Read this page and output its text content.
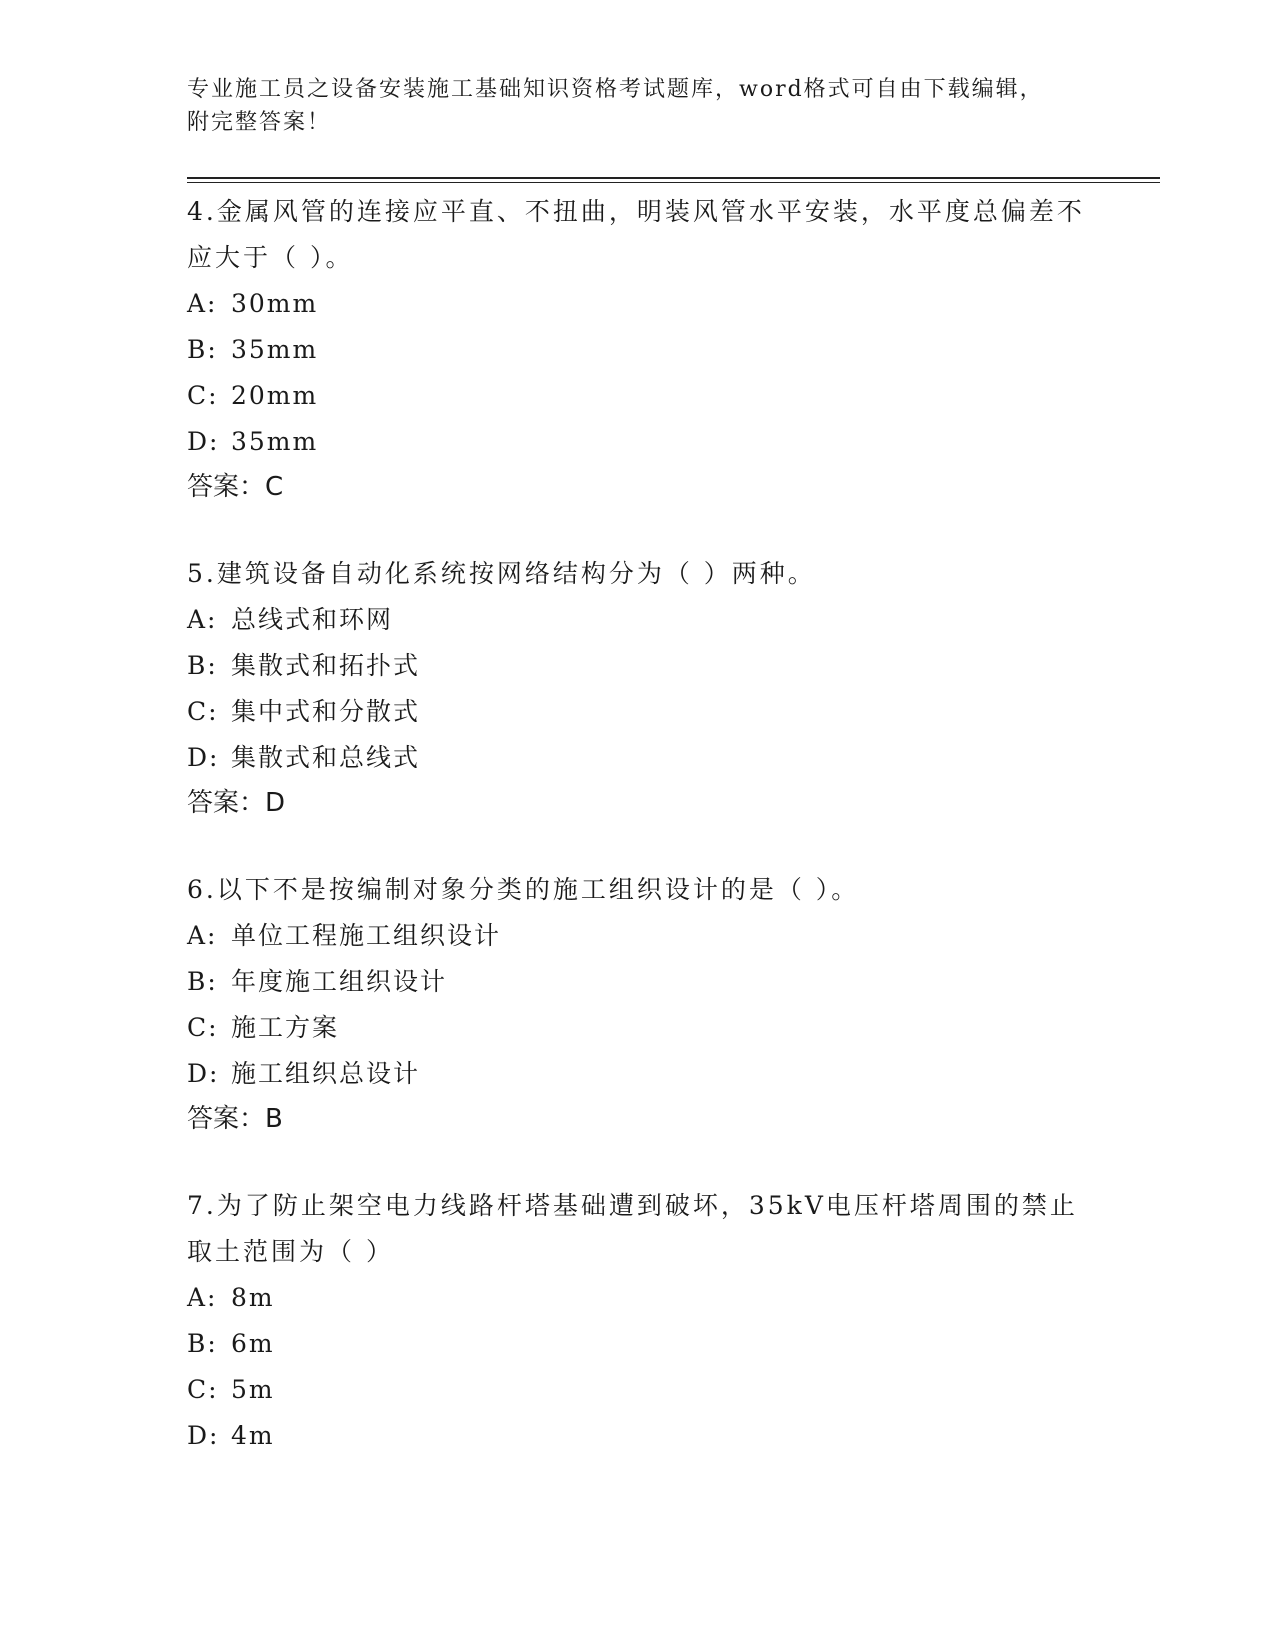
专业施工员之设备安装施工基础知识资格考试题库，word格式可自由下载编辑，附完整答案！

4.金属风管的连接应平直、不扭曲，明装风管水平安装，水平度总偏差不应大于（ ）。

A: 30mm

B: 35mm

C: 20mm

D: 35mm

答案：C

5.建筑设备自动化系统按网络结构分为（ ）两种。

A: 总线式和环网

B: 集散式和拓扑式

C: 集中式和分散式

D: 集散式和总线式

答案：D

6.以下不是按编制对象分类的施工组织设计的是（ ）。

A: 单位工程施工组织设计

B: 年度施工组织设计

C: 施工方案

D: 施工组织总设计

答案：B

7.为了防止架空电力线路杆塔基础遭到破坏，35kV电压杆塔周围的禁止取土范围为（ ）

A: 8m

B: 6m

C: 5m

D: 4m
